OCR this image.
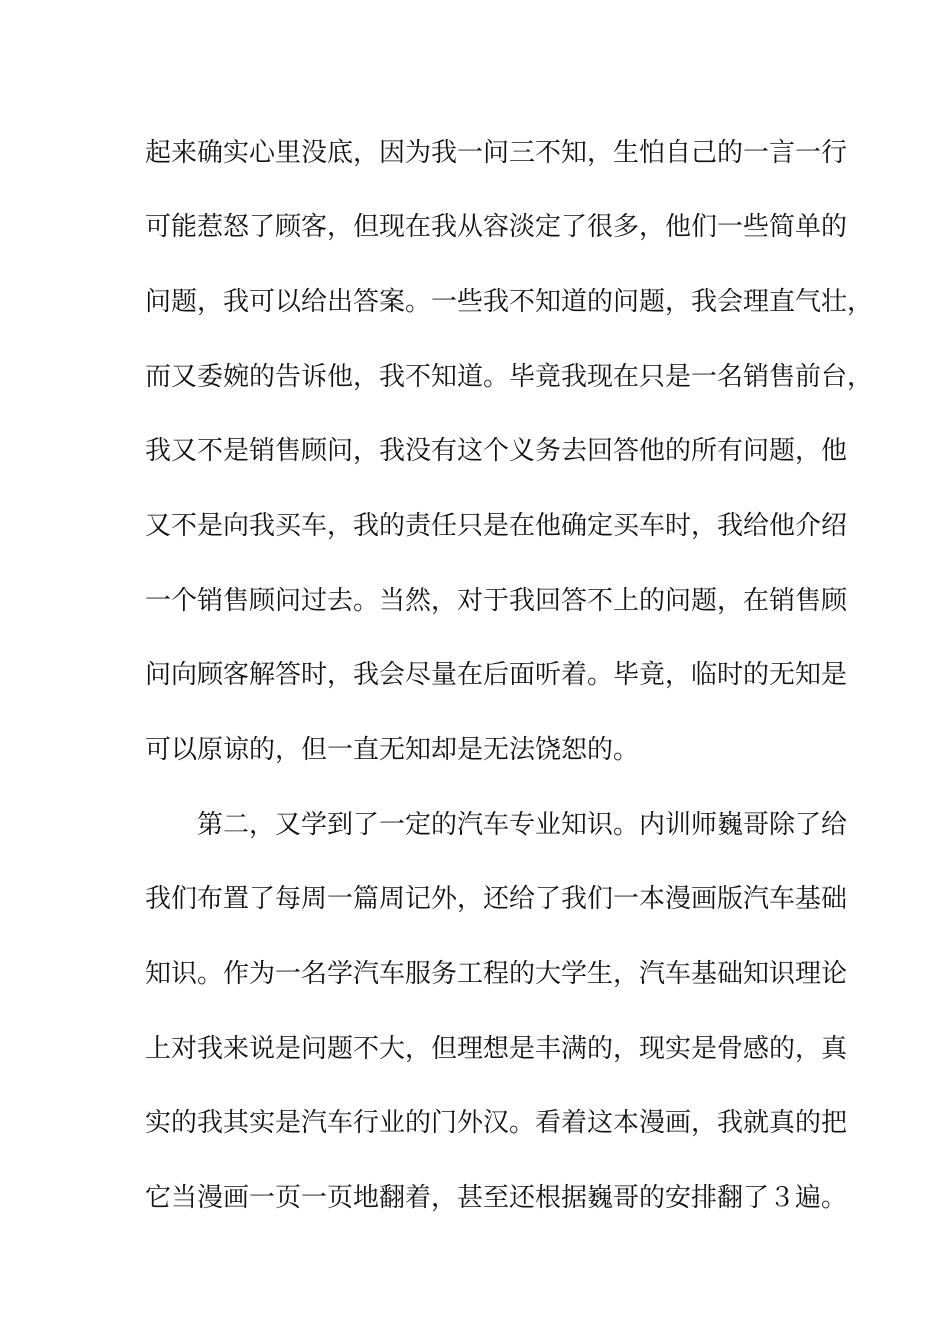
起来确实心里没底，因为我一问三不知，生怕自己的一言一行
可能惹怒了顾客，但现在我从容淡定了很多，他们一些简单的
问题，我可以给出答案。一些我不知道的问题，我会理直气壮，
而又委婉的告诉他，我不知道。毕竟我现在只是一名销售前台，
我又不是销售顾问，我没有这个义务去回答他的所有问题，他
又不是向我买车，我的责任只是在他确定买车时，我给他介绍
一个销售顾问过去。当然，对于我回答不上的问题，在销售顾
问向顾客解答时，我会尽量在后面听着。毕竟，临时的无知是
可以原谅的，但一直无知却是无法饶恕的。
第二，又学到了一定的汽车专业知识。内训师巍哥除了给
我们布置了每周一篇周记外，还给了我们一本漫画版汽车基础
知识。作为一名学汽车服务工程的大学生，汽车基础知识理论
上对我来说是问题不大，但理想是丰满的，现实是骨感的，真
实的我其实是汽车行业的门外汉。看着这本漫画，我就真的把
它当漫画一页一页地翻着，甚至还根据巍哥的安排翻了３遍。
